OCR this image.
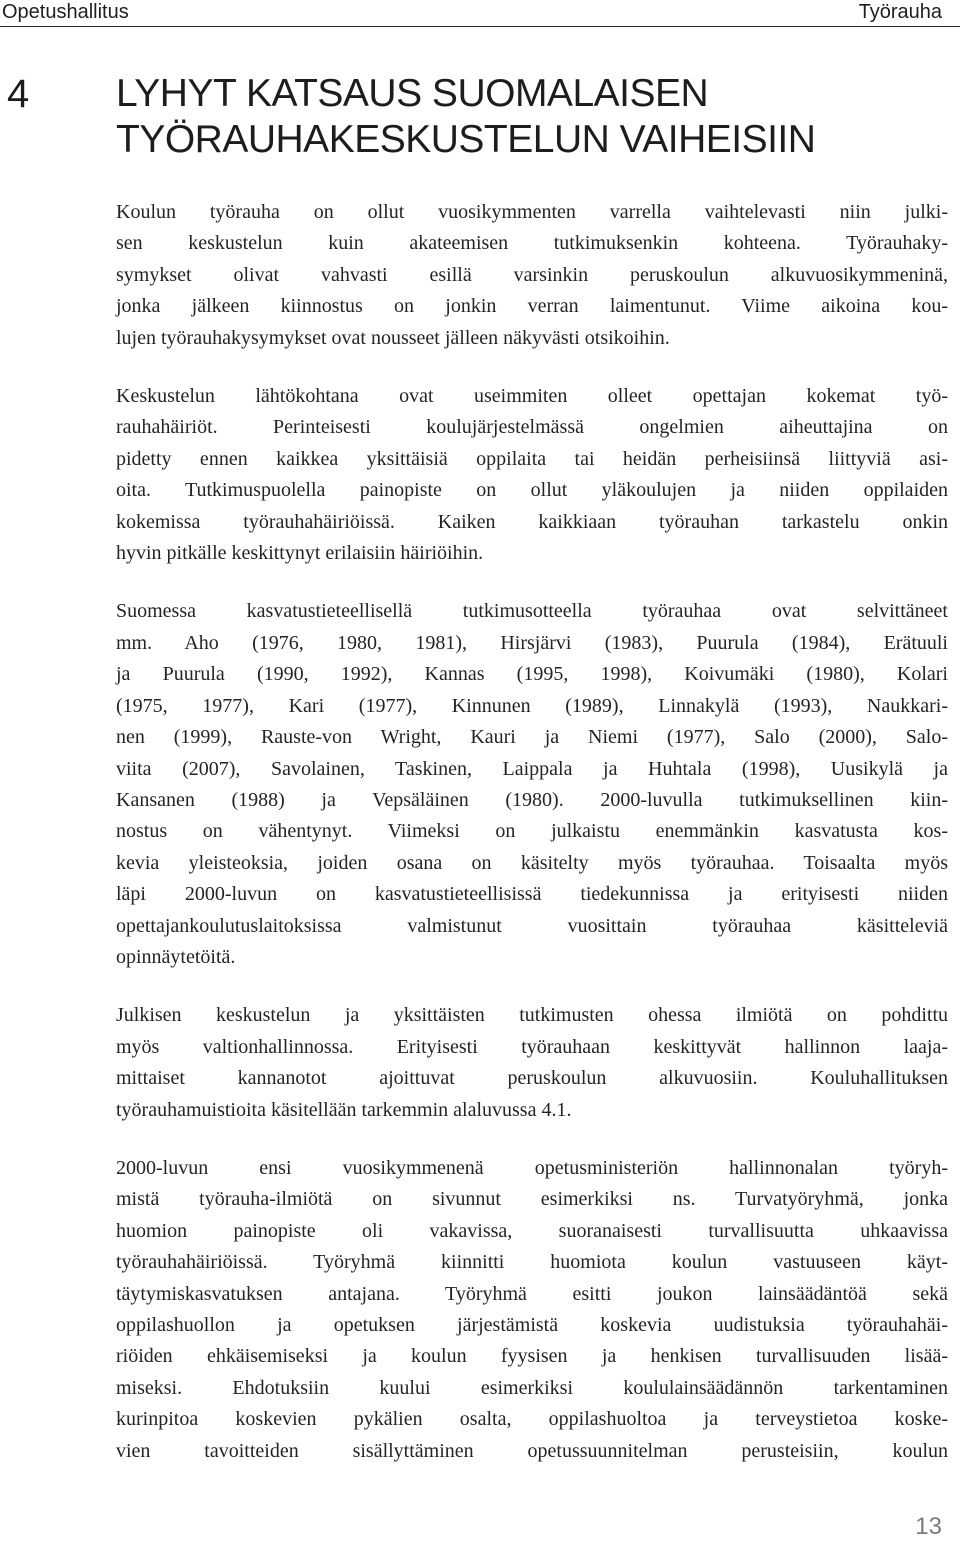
Opetushallitus	Työrauha
4 LYHYT KATSAUS SUOMALAISEN
TYÖRAUHAKESKUSTELUN VAIHEISIIN

Koulun työrauha on ollut vuosikymmenten varrella vaihtelevasti niin julki-
sen keskustelun kuin akateemisen tutkimuksenkin kohteena. Työrauhaky-
symykset olivat vahvasti esillä varsinkin peruskoulun alkuvuosikymmeninä,
jonka jälkeen kiinnostus on jonkin verran laimentunut. Viime aikoina kou-
lujen työrauhakysymykset ovat nousseet jälleen näkyvästi otsikoihin.

Keskustelun lähtökohtana ovat useimmiten olleet opettajan kokemat työ-
rauhahäiriöt. Perinteisesti koulujärjestelmässä ongelmien aiheuttajina on
pidetty ennen kaikkea yksittäisiä oppilaita tai heidän perheisiinsä liittyviä asi-
oita. Tutkimuspuolella painopiste on ollut yläkoulujen ja niiden oppilaiden
kokemissa työrauhahäiriöissä. Kaiken kaikkiaan työrauhan tarkastelu onkin
hyvin pitkälle keskittynyt erilaisiin häiriöihin.

Suomessa kasvatustieteellisellä tutkimusotteella työrauhaa ovat selvittäneet
mm. Aho (1976, 1980, 1981), Hirsjärvi (1983), Puurula (1984), Erätuuli
ja Puurula (1990, 1992), Kannas (1995, 1998), Koivumäki (1980), Kolari
(1975, 1977), Kari (1977), Kinnunen (1989), Linnakylä (1993), Naukkari-
nen (1999), Rauste-von Wright, Kauri ja Niemi (1977), Salo (2000), Salo-
viita (2007), Savolainen, Taskinen, Laippala ja Huhtala (1998), Uusikylä ja
Kansanen (1988) ja Vepsäläinen (1980). 2000-luvulla tutkimuksellinen kiin-
nostus on vähentynyt. Viimeksi on julkaistu enemmänkin kasvatusta kos-
kevia yleisteoksia, joiden osana on käsitelty myös työrauhaa. Toisaalta myös
läpi 2000-luvun on kasvatustieteellisissä tiedekunnissa ja erityisesti niiden
opettajankoulutuslaitoksissa valmistunut vuosittain työrauhaa käsitteleviä
opinnäytetöitä.

Julkisen keskustelun ja yksittäisten tutkimusten ohessa ilmiötä on pohdittu
myös valtionhallinnossa. Erityisesti työrauhaan keskittyvät hallinnon laaja-
mittaiset kannanotot ajoittuvat peruskoulun alkuvuosiin. Kouluhallituksen
työrauhamuistioita käsitellään tarkemmin alaluvussa 4.1.

2000-luvun ensi vuosikymmenenä opetusministeriön hallinnonalan työryh-
mistä työrauha-ilmiötä on sivunnut esimerkiksi ns. Turvatyöryhmä, jonka
huomion painopiste oli vakavissa, suoranaisesti turvallisuutta uhkaavissa
työrauhahäiriöissä. Työryhmä kiinnitti huomiota koulun vastuuseen käyt-
täytymiskasvatuksen antajana. Työryhmä esitti joukon lainsäädäntöä sekä
oppilashuollon ja opetuksen järjestämistä koskevia uudistuksia työrauhahäi-
riöiden ehkäisemiseksi ja koulun fyysisen ja henkisen turvallisuuden lisää-
miseksi. Ehdotuksiin kuului esimerkiksi koululainsäädännön tarkentaminen
kurinpitoa koskevien pykälien osalta, oppilashuoltoa ja terveystietoa koske-
vien tavoitteiden sisällyttäminen opetussuunnitelman perusteisiin, koulun

13
